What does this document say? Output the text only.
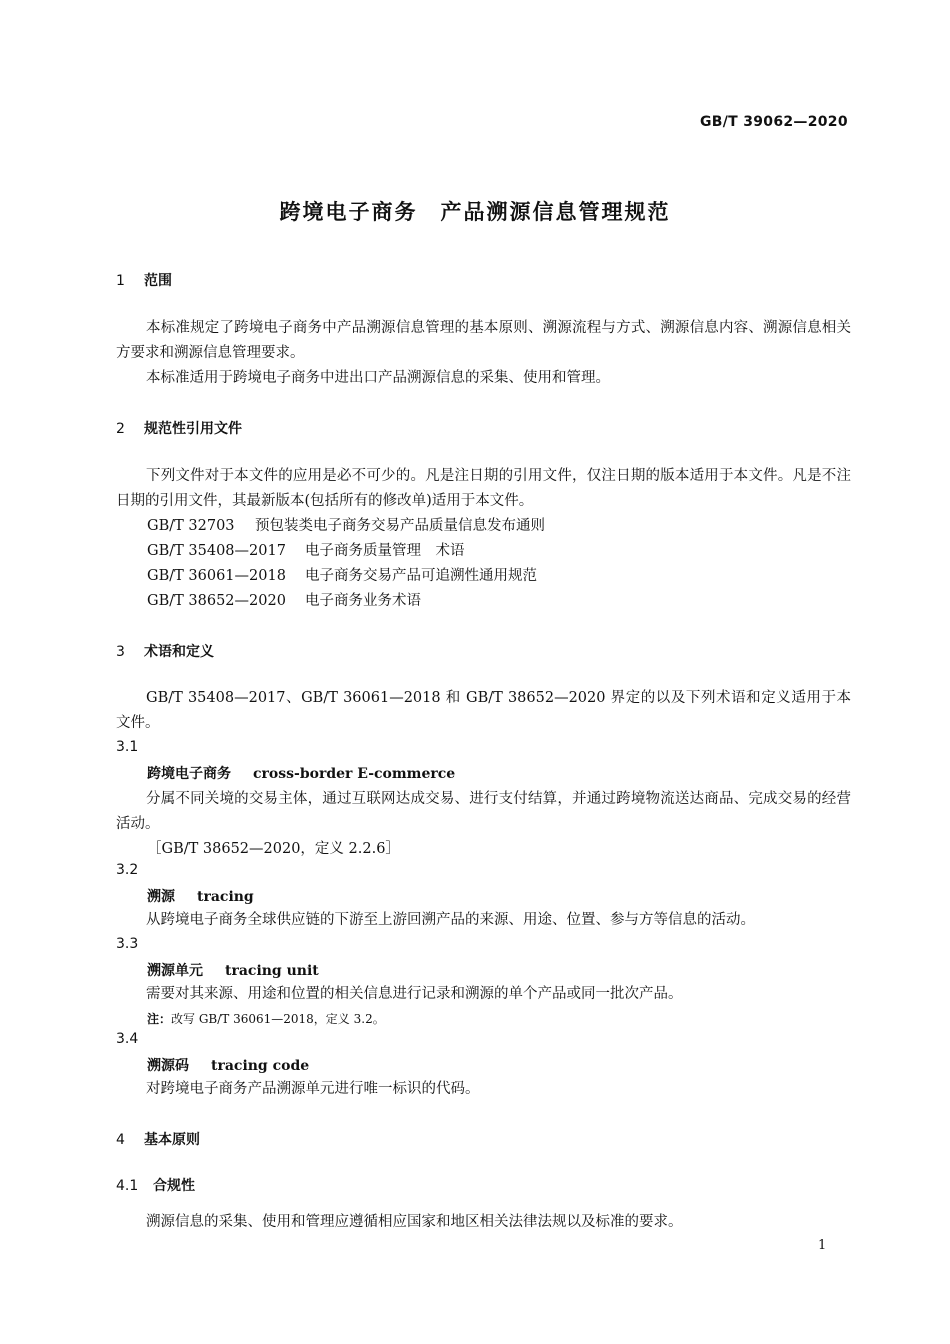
GB/T 39062—2020
跨境电子商务　产品溯源信息管理规范
1 范围
本标准规定了跨境电子商务中产品溯源信息管理的基本原则、溯源流程与方式、溯源信息内容、溯源信息相关方要求和溯源信息管理要求。
本标准适用于跨境电子商务中进出口产品溯源信息的采集、使用和管理。
2 规范性引用文件
下列文件对于本文件的应用是必不可少的。凡是注日期的引用文件，仅注日期的版本适用于本文件。凡是不注日期的引用文件，其最新版本(包括所有的修改单)适用于本文件。
GB/T 32703 预包装类电子商务交易产品质量信息发布通则
GB/T 35408—2017 电子商务质量管理　术语
GB/T 36061—2018 电子商务交易产品可追溯性通用规范
GB/T 38652—2020 电子商务业务术语
3 术语和定义
GB/T 35408—2017、GB/T 36061—2018 和 GB/T 38652—2020 界定的以及下列术语和定义适用于本文件。
3.1
跨境电子商务 cross-border E-commerce
分属不同关境的交易主体，通过互联网达成交易、进行支付结算，并通过跨境物流送达商品、完成交易的经营活动。
［GB/T 38652—2020，定义 2.2.6］
3.2
溯源 tracing
从跨境电子商务全球供应链的下游至上游回溯产品的来源、用途、位置、参与方等信息的活动。
3.3
溯源单元 tracing unit
需要对其来源、用途和位置的相关信息进行记录和溯源的单个产品或同一批次产品。
注：改写 GB/T 36061—2018，定义 3.2。
3.4
溯源码 tracing code
对跨境电子商务产品溯源单元进行唯一标识的代码。
4 基本原则
4.1 合规性
溯源信息的采集、使用和管理应遵循相应国家和地区相关法律法规以及标准的要求。
1
